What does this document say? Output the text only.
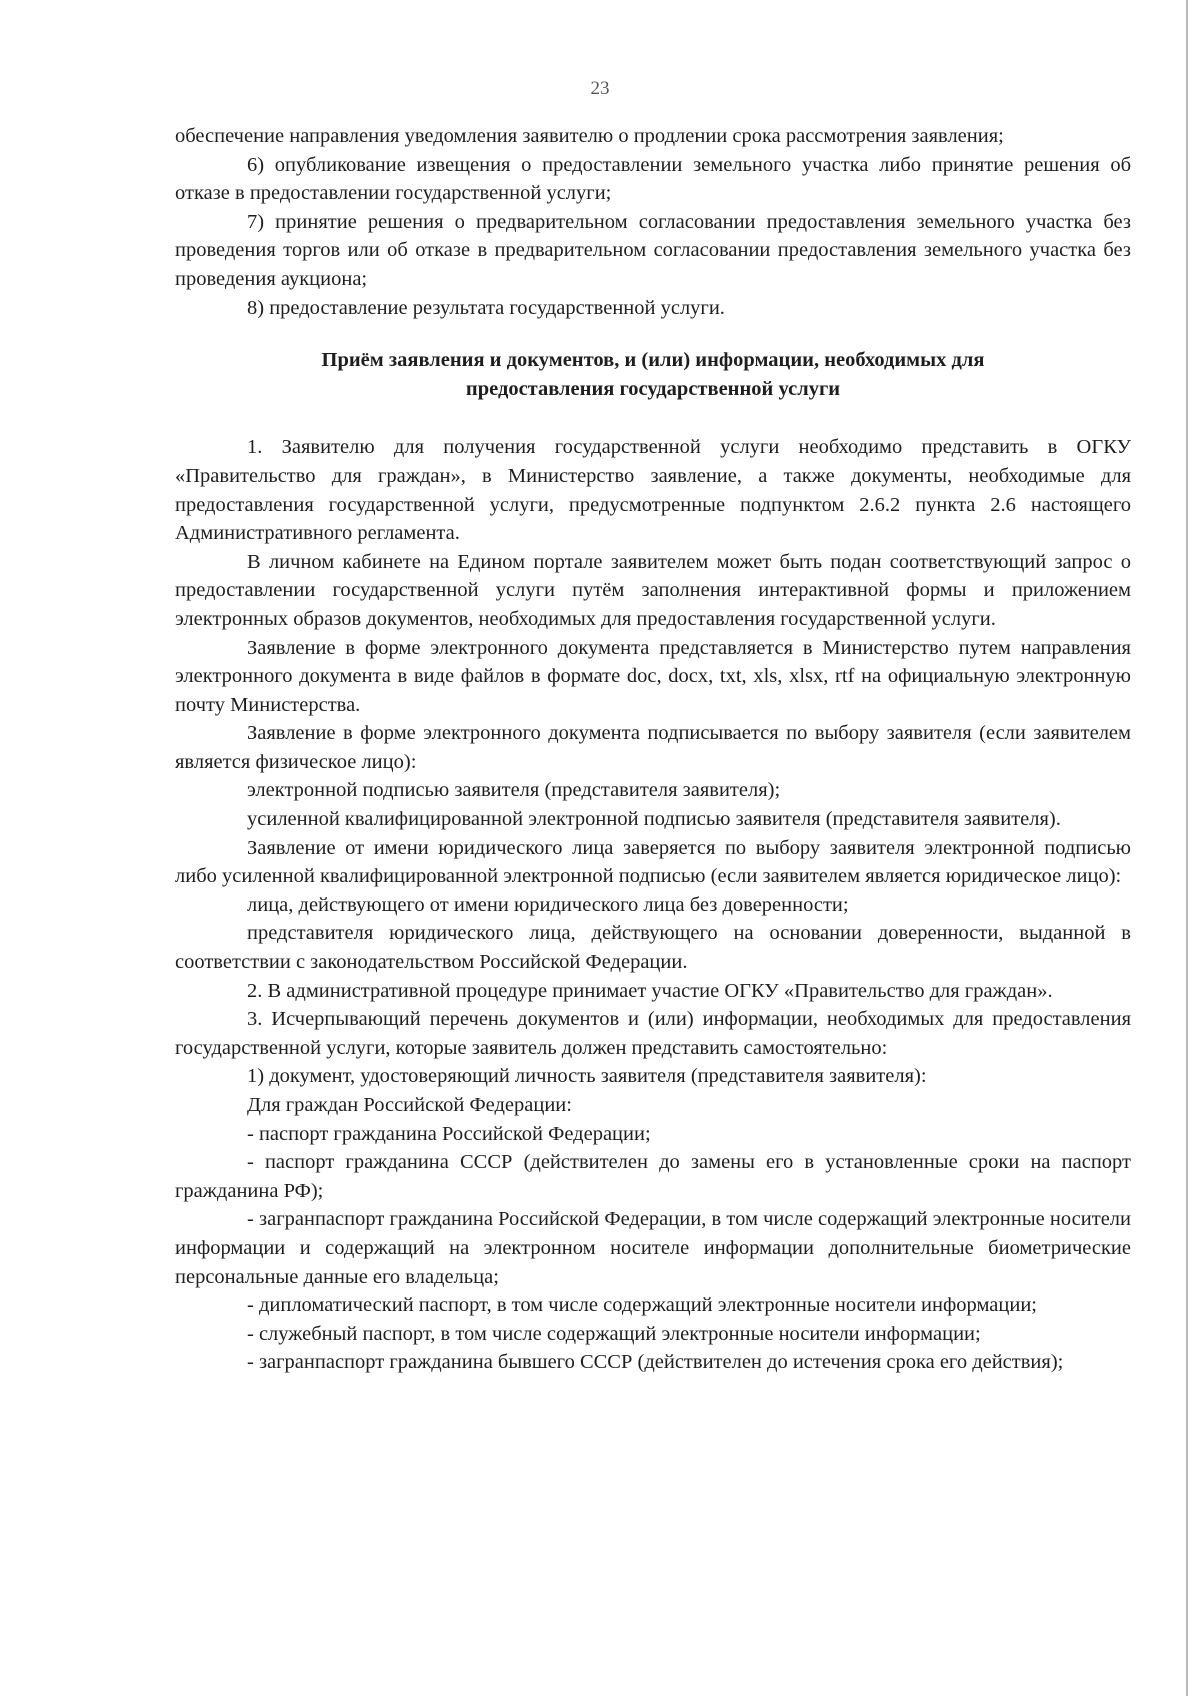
23

обеспечение направления уведомления заявителю о продлении срока рассмотрения заявления;

6) опубликование извещения о предоставлении земельного участка либо принятие решения об отказе в предоставлении государственной услуги;

7) принятие решения о предварительном согласовании предоставления земельного участка без проведения торгов или об отказе в предварительном согласовании предоставления земельного участка без проведения аукциона;

8) предоставление результата государственной услуги.

Приём заявления и документов, и (или) информации, необходимых для
предоставления государственной услуги

1. Заявителю для получения государственной услуги необходимо представить в ОГКУ «Правительство для граждан», в Министерство заявление, а также документы, необходимые для предоставления государственной услуги, предусмотренные подпунктом 2.6.2 пункта 2.6 настоящего Административного регламента.

В личном кабинете на Едином портале заявителем может быть подан соответствующий запрос о предоставлении государственной услуги путём заполнения интерактивной формы и приложением электронных образов документов, необходимых для предоставления государственной услуги.

Заявление в форме электронного документа представляется в Министерство путем направления электронного документа в виде файлов в формате doc, docx, txt, xls, xlsx, rtf на официальную электронную почту Министерства.

Заявление в форме электронного документа подписывается по выбору заявителя (если заявителем является физическое лицо):

электронной подписью заявителя (представителя заявителя);

усиленной квалифицированной электронной подписью заявителя (представителя заявителя).

Заявление от имени юридического лица заверяется по выбору заявителя электронной подписью либо усиленной квалифицированной электронной подписью (если заявителем является юридическое лицо):

лица, действующего от имени юридического лица без доверенности;

представителя юридического лица, действующего на основании доверенности, выданной в соответствии с законодательством Российской Федерации.

2. В административной процедуре принимает участие ОГКУ «Правительство для граждан».

3. Исчерпывающий перечень документов и (или) информации, необходимых для предоставления государственной услуги, которые заявитель должен представить самостоятельно:

1) документ, удостоверяющий личность заявителя (представителя заявителя):

Для граждан Российской Федерации:

- паспорт гражданина Российской Федерации;

- паспорт гражданина СССР (действителен до замены его в установленные сроки на паспорт гражданина РФ);

- загранпаспорт гражданина Российской Федерации, в том числе содержащий электронные носители информации и содержащий на электронном носителе информации дополнительные биометрические персональные данные его владельца;

- дипломатический паспорт, в том числе содержащий электронные носители информации;

- служебный паспорт, в том числе содержащий электронные носители информации;

- загранпаспорт гражданина бывшего СССР (действителен до истечения срока его действия);
